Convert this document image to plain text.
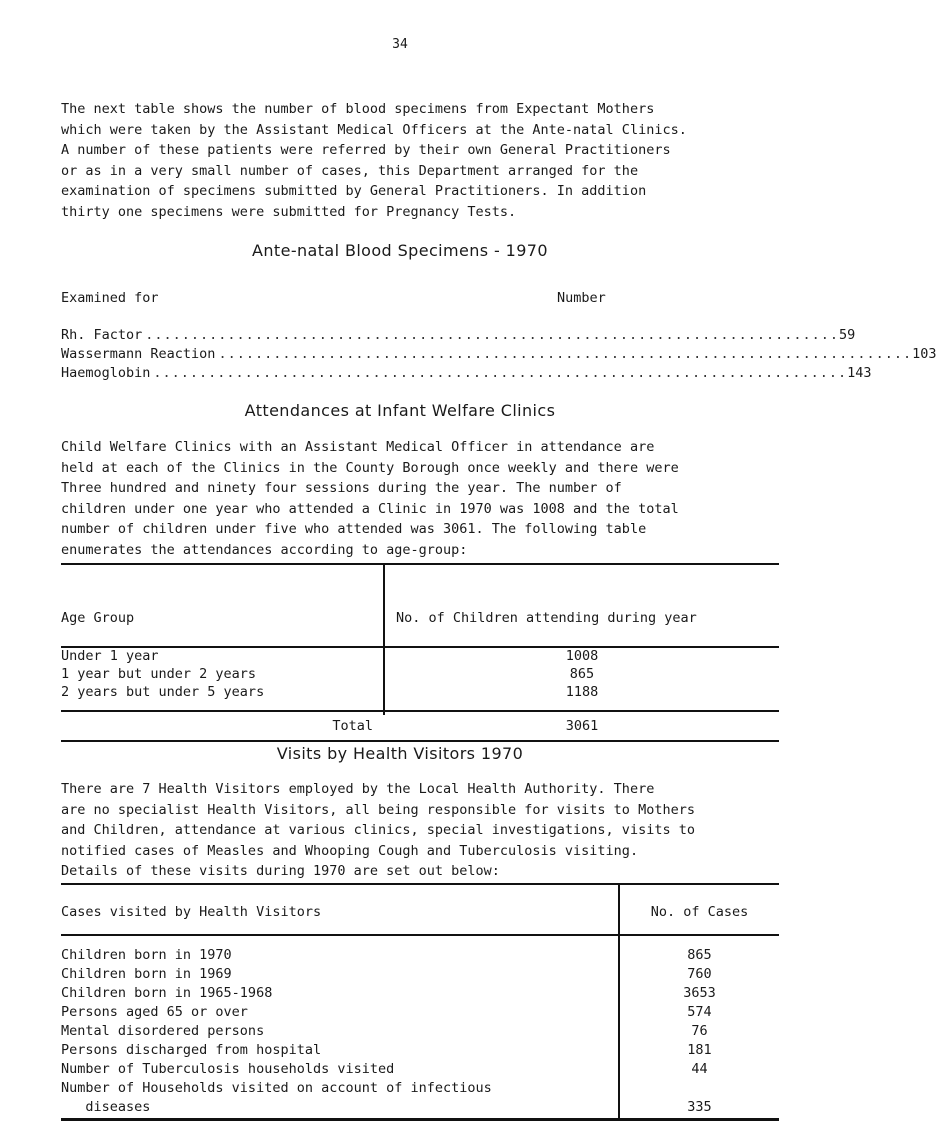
34
The next table shows the number of blood specimens from Expectant Mothers
which were taken by the Assistant Medical Officers at the Ante-natal Clinics.
A number of these patients were referred by their own General Practitioners
or as in a very small number of cases, this Department arranged for the
examination of specimens submitted by General Practitioners. In addition
thirty one specimens were submitted for Pregnancy Tests.
Ante-natal Blood Specimens - 1970
Examined for	Number
Rh. Factor ............................................................................ 59
Wassermann Reaction ............................................................................ 103
Haemoglobin ............................................................................ 143
Attendances at Infant Welfare Clinics
Child Welfare Clinics with an Assistant Medical Officer in attendance are
held at each of the Clinics in the County Borough once weekly and there were
Three hundred and ninety four sessions during the year. The number of
children under one year who attended a Clinic in 1970 was 1008 and the total
number of children under five who attended was 3061. The following table
enumerates the attendances according to age-group:
Age Group	No. of Children attending during year
Under 1 year	1008
1 year but under 2 years	865
2 years but under 5 years	1188
Total	3061
Visits by Health Visitors 1970
There are 7 Health Visitors employed by the Local Health Authority. There
are no specialist Health Visitors, all being responsible for visits to Mothers
and Children, attendance at various clinics, special investigations, visits to
notified cases of Measles and Whooping Cough and Tuberculosis visiting.
Details of these visits during 1970 are set out below:
Cases visited by Health Visitors	No. of Cases
Children born in 1970	865
Children born in 1969	760
Children born in 1965-1968	3653
Persons aged 65 or over	574
Mental disordered persons	76
Persons discharged from hospital	181
Number of Tuberculosis households visited	44
Number of Households visited on account of infectious
diseases	335
